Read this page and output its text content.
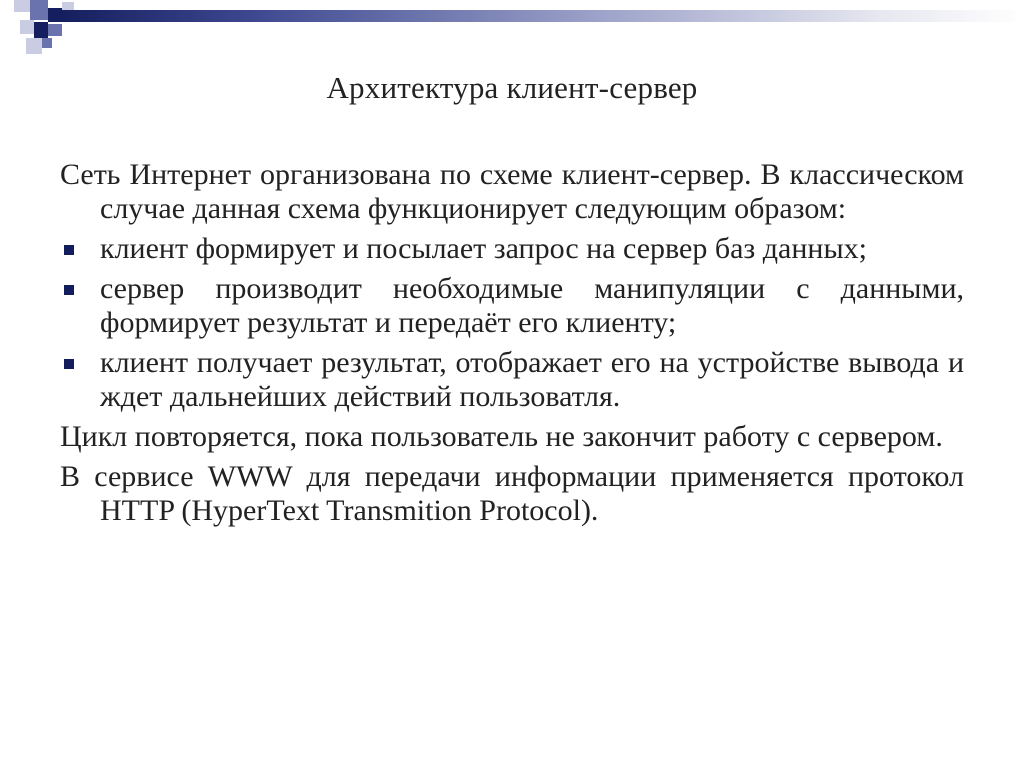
Архитектура клиент-сервер

Сеть Интернет организована по схеме клиент-сервер. В классическом случае данная схема функционирует следующим образом:

клиент формирует и посылает запрос на сервер баз данных;
сервер производит необходимые манипуляции с данными, формирует результат и передаёт его клиенту;
клиент получает результат, отображает его на устройстве вывода и ждет дальнейших действий пользоватля.

Цикл повторяется, пока пользователь не закончит работу с сервером.

В сервисе WWW для передачи информации применяется протокол HTTP (HyperText Transmition Protocol).
